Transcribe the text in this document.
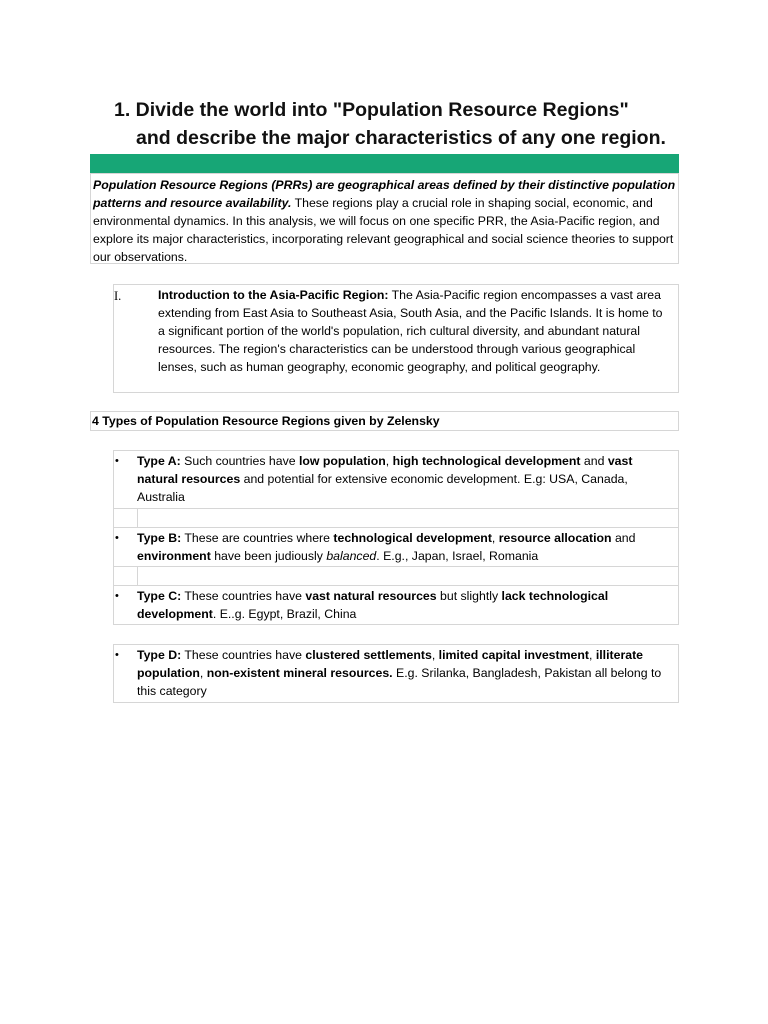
1. Divide the world into "Population Resource Regions"
and describe the major characteristics of any one region.
Population Resource Regions (PRRs) are geographical areas defined by their distinctive population patterns and resource availability. These regions play a crucial role in shaping social, economic, and environmental dynamics. In this analysis, we will focus on one specific PRR, the Asia-Pacific region, and explore its major characteristics, incorporating relevant geographical and social science theories to support our observations.
I.	Introduction to the Asia-Pacific Region: The Asia-Pacific region encompasses a vast area extending from East Asia to Southeast Asia, South Asia, and the Pacific Islands. It is home to a significant portion of the world's population, rich cultural diversity, and abundant natural resources. The region's characteristics can be understood through various geographical lenses, such as human geography, economic geography, and political geography.
4 Types of Population Resource Regions given by Zelensky
• Type A: Such countries have low population, high technological development and vast natural resources and potential for extensive economic development. E.g: USA, Canada, Australia
• Type B: These are countries where technological development, resource allocation and environment have been judiously balanced. E.g., Japan, Israel, Romania
• Type C: These countries have vast natural resources but slightly lack technological development. E..g. Egypt, Brazil, China
• Type D: These countries have clustered settlements, limited capital investment, illiterate population, non-existent mineral resources. E.g. Srilanka, Bangladesh, Pakistan all belong to this category
